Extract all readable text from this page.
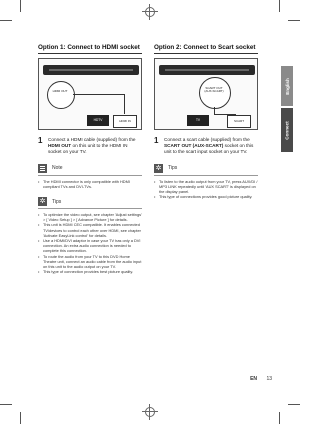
Option 1: Connect to HDMI socket
HDMI OUT
HDTV	HDMI IN
1	Connect a HDMI cable (supplied) from the HDMI OUT on this unit to the HDMI IN socket on your TV.
Note
• The HDMI connector is only compatible with HDMI compliant TVs and DVI-TVs.
✲	Tips
• To optimize the video output, see chapter 'Adjust settings' > [ Video Setup ] > [ Advance Picture ] for details.
• This unit is HDMI CEC compatible. It enables connected TV/devices to control each other over HDMI, see chapter 'Activate EasyLink control' for details.
• Use a HDMI/DVI adaptor in case your TV has only a DVI connection. An extra audio connection is needed to complete this connection.
• To route the audio from your TV to this DVD Home Theatre unit, connect an audio cable from the audio input on this unit to the audio output on your TV.
• This type of connection provides best picture quality.
Option 2: Connect to Scart socket
SCART OUT (AUX-SCART)
TV	SCART
1	Connect a scart cable (supplied) from the SCART OUT (AUX-SCART) socket on this unit to the scart input socket on your TV.
✲	Tips
• To listen to the audio output from your TV, press AUX/DI / MP3 LINK repeatedly until 'AUX SCART' is displayed on the display panel.
• This type of connections provides good picture quality.
English
Connect
EN 13
